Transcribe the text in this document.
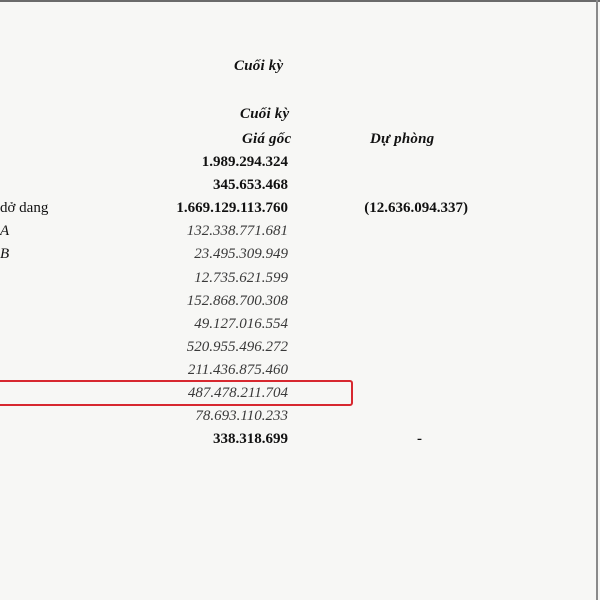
Cuối kỳ
Cuối kỳ
Giá gốc	Dự phòng
1.989.294.324
345.653.468
dở dang	1.669.129.113.760	(12.636.094.337)
A	132.338.771.681
B	23.495.309.949
12.735.621.599
152.868.700.308
49.127.016.554
520.955.496.272
211.436.875.460
487.478.211.704
78.693.110.233
338.318.699	-
